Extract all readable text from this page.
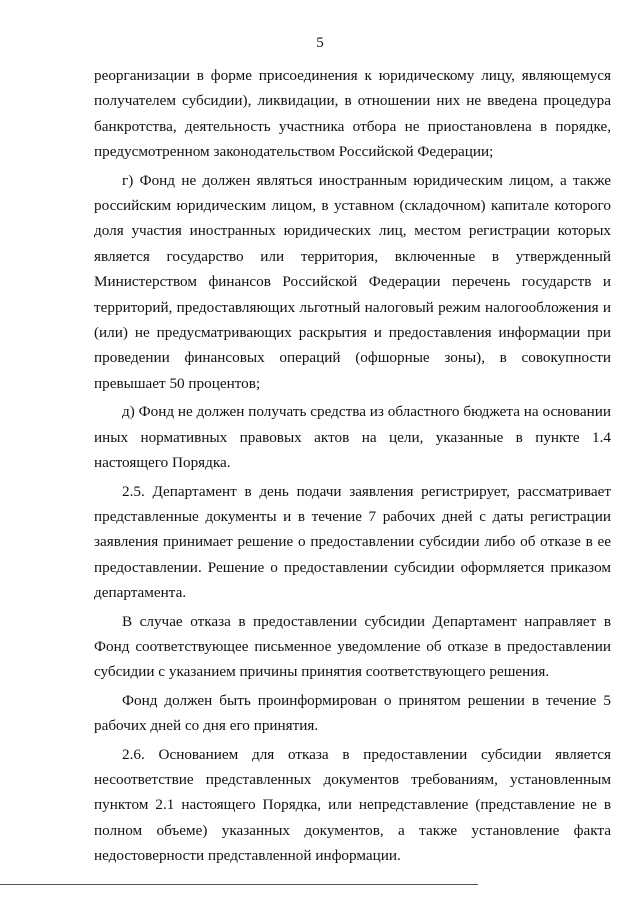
5

реорганизации в форме присоединения к юридическому лицу, являющемуся получателем субсидии), ликвидации, в отношении них не введена процедура банкротства, деятельность участника отбора не приостановлена в порядке, предусмотренном законодательством Российской Федерации;

г) Фонд не должен являться иностранным юридическим лицом, а также российским юридическим лицом, в уставном (складочном) капитале которого доля участия иностранных юридических лиц, местом регистрации которых является государство или территория, включенные в утвержденный Министерством финансов Российской Федерации перечень государств и территорий, предоставляющих льготный налоговый режим налогообложения и (или) не предусматривающих раскрытия и предоставления информации при проведении финансовых операций (офшорные зоны), в совокупности превышает 50 процентов;

д) Фонд не должен получать средства из областного бюджета на основании иных нормативных правовых актов на цели, указанные в пункте 1.4 настоящего Порядка.

2.5. Департамент в день подачи заявления регистрирует, рассматривает представленные документы и в течение 7 рабочих дней с даты регистрации заявления принимает решение о предоставлении субсидии либо об отказе в ее предоставлении. Решение о предоставлении субсидии оформляется приказом департамента.

В случае отказа в предоставлении субсидии Департамент направляет в Фонд соответствующее письменное уведомление об отказе в предоставлении субсидии с указанием причины принятия соответствующего решения.

Фонд должен быть проинформирован о принятом решении в течение 5 рабочих дней со дня его принятия.

2.6. Основанием для отказа в предоставлении субсидии является несоответствие представленных документов требованиям, установленным пунктом 2.1 настоящего Порядка, или непредставление (представление не в полном объеме) указанных документов, а также установление факта недостоверности представленной информации.
